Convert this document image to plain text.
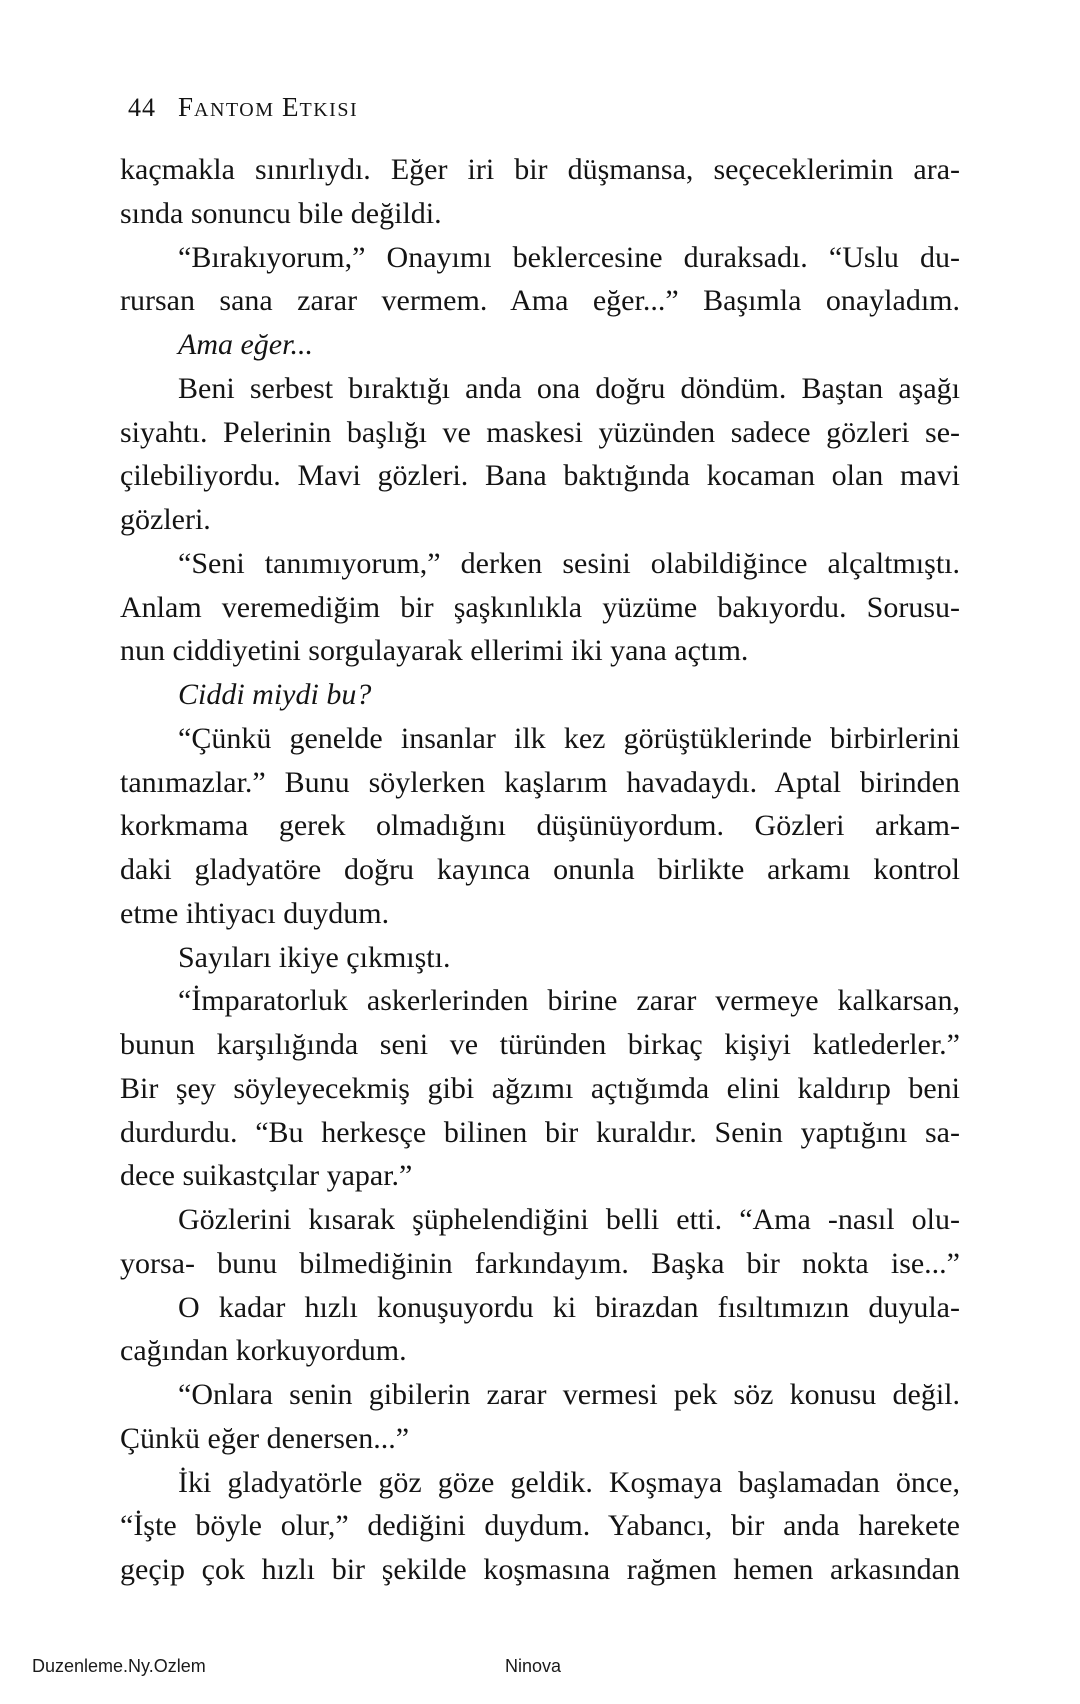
44 FANTOM ETKISI
kaçmakla sınırlıydı. Eğer iri bir düşmansa, seçeceklerimin ara-
sında sonuncu bile değildi.
“Bırakıyorum,” Onayımı beklercesine duraksadı. “Uslu du-
rursan sana zarar vermem. Ama eğer...” Başımla onayladım.
Ama eğer...
Beni serbest bıraktığı anda ona doğru döndüm. Baştan aşağı
siyahtı. Pelerinin başlığı ve maskesi yüzünden sadece gözleri se-
çilebiliyordu. Mavi gözleri. Bana baktığında kocaman olan mavi
gözleri.
“Seni tanımıyorum,” derken sesini olabildiğince alçaltmıştı.
Anlam veremediğim bir şaşkınlıkla yüzüme bakıyordu. Sorusu-
nun ciddiyetini sorgulayarak ellerimi iki yana açtım.
Ciddi miydi bu?
“Çünkü genelde insanlar ilk kez görüştüklerinde birbirlerini
tanımazlar.” Bunu söylerken kaşlarım havadaydı. Aptal birinden
korkmama gerek olmadığını düşünüyordum. Gözleri arkam-
daki gladyatöre doğru kayınca onunla birlikte arkamı kontrol
etme ihtiyacı duydum.
Sayıları ikiye çıkmıştı.
“İmparatorluk askerlerinden birine zarar vermeye kalkarsan,
bunun karşılığında seni ve türünden birkaç kişiyi katlederler.”
Bir şey söyleyecekmiş gibi ağzımı açtığımda elini kaldırıp beni
durdurdu. “Bu herkesçe bilinen bir kuraldır. Senin yaptığını sa-
dece suikastçılar yapar.”
Gözlerini kısarak şüphelendiğini belli etti. “Ama -nasıl olu-
yorsa- bunu bilmediğinin farkındayım. Başka bir nokta ise...”
O kadar hızlı konuşuyordu ki birazdan fısıltımızın duyula-
cağından korkuyordum.
“Onlara senin gibilerin zarar vermesi pek söz konusu değil.
Çünkü eğer denersen...”
İki gladyatörle göz göze geldik. Koşmaya başlamadan önce,
“İşte böyle olur,” dediğini duydum. Yabancı, bir anda harekete
geçip çok hızlı bir şekilde koşmasına rağmen hemen arkasından
Duzenleme.Ny.Ozlem	Ninova
